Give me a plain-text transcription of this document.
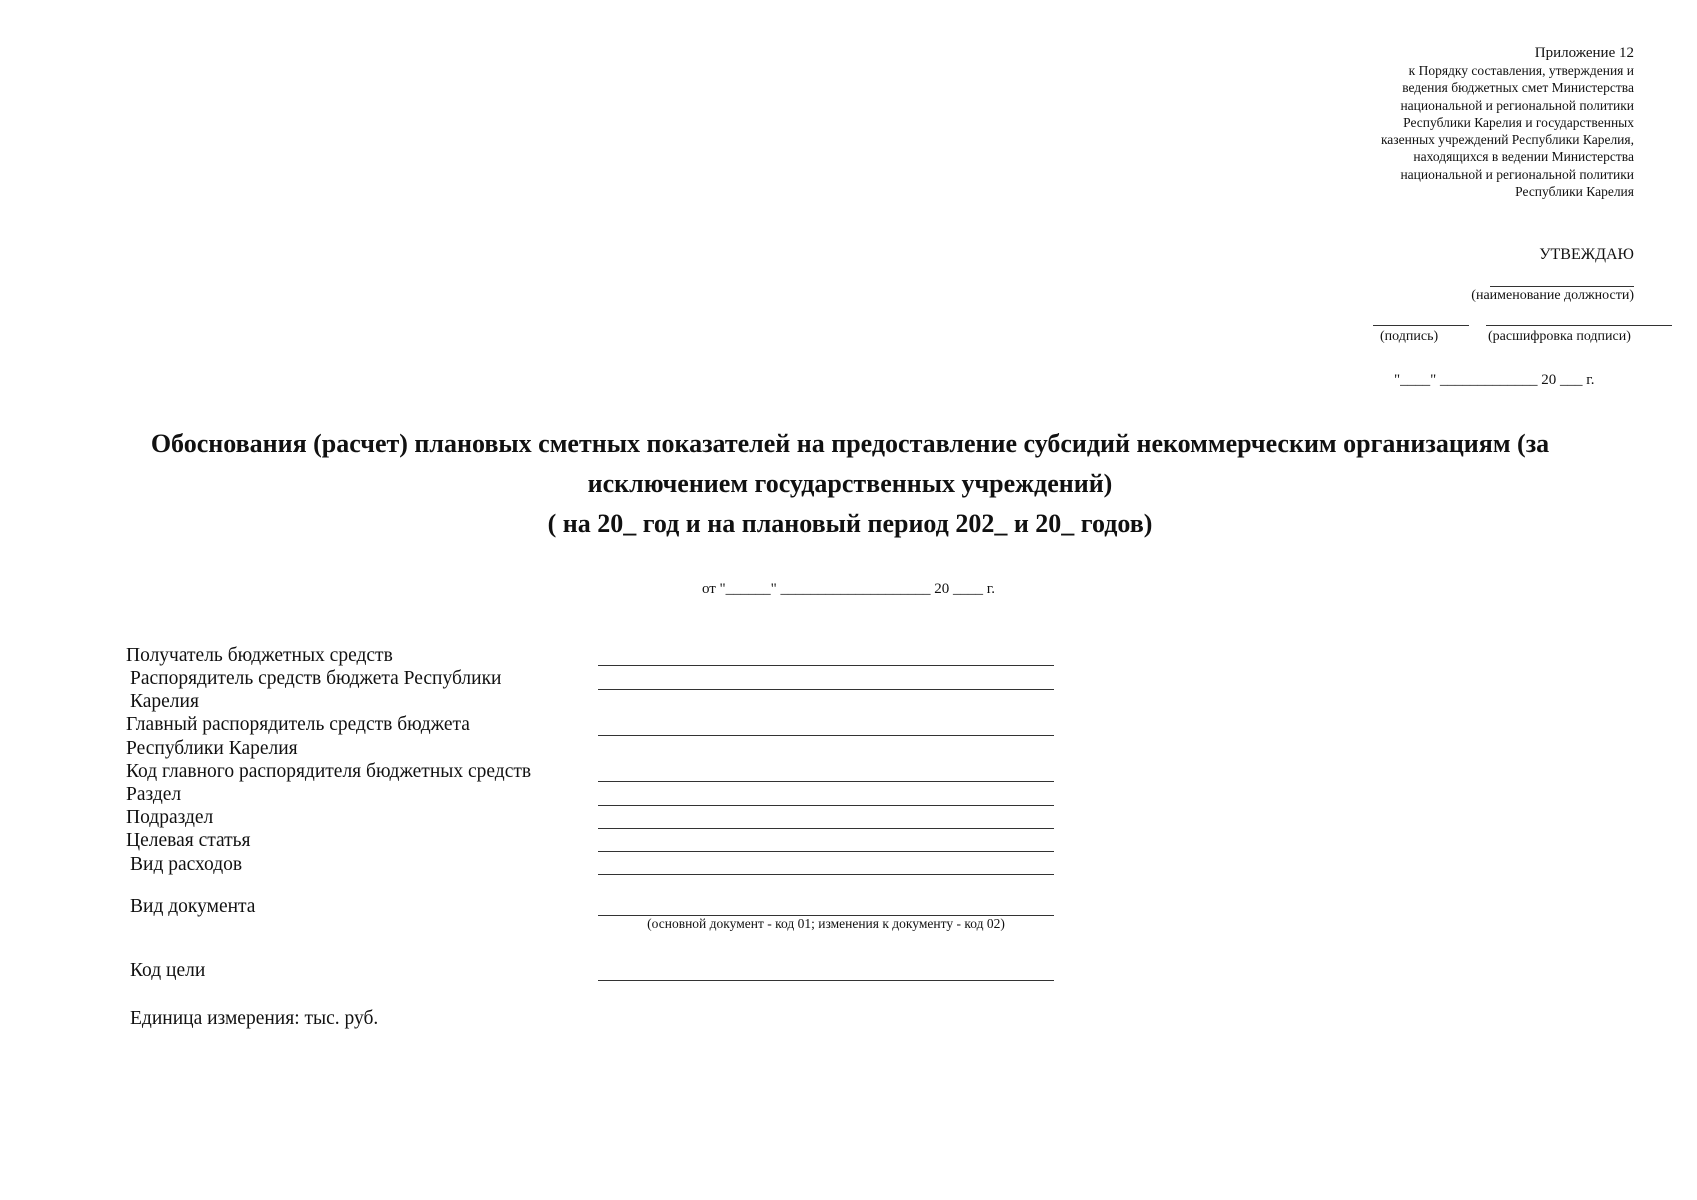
Приложение 12
к Порядку составления, утверждения и
ведения бюджетных смет Министерства
национальной и региональной политики
Республики Карелия и государственных
казенных учреждений Республики Карелия,
находящихся в ведении Министерства
национальной и региональной политики
Республики Карелия
УТВЕЖДАЮ
(наименование должности)
(подпись)	(расшифровка подписи)
"____" _____________ 20 ___ г.
Обоснования (расчет) плановых сметных показателей на предоставление субсидий некоммерческим организациям (за
исключением государственных учреждений)
( на 20_ год и на плановый период 202_ и 20_ годов)
от "______" ____________________ 20 ____ г.
Получатель бюджетных средств
Распорядитель средств бюджета Республики
Карелия
Главный распорядитель средств бюджета
Республики Карелия
Код главного распорядителя бюджетных средств
Раздел
Подраздел
Целевая статья
Вид расходов
Вид документа
Код цели
Единица измерения: тыс. руб.
(основной документ - код 01; изменения к документу - код 02)
